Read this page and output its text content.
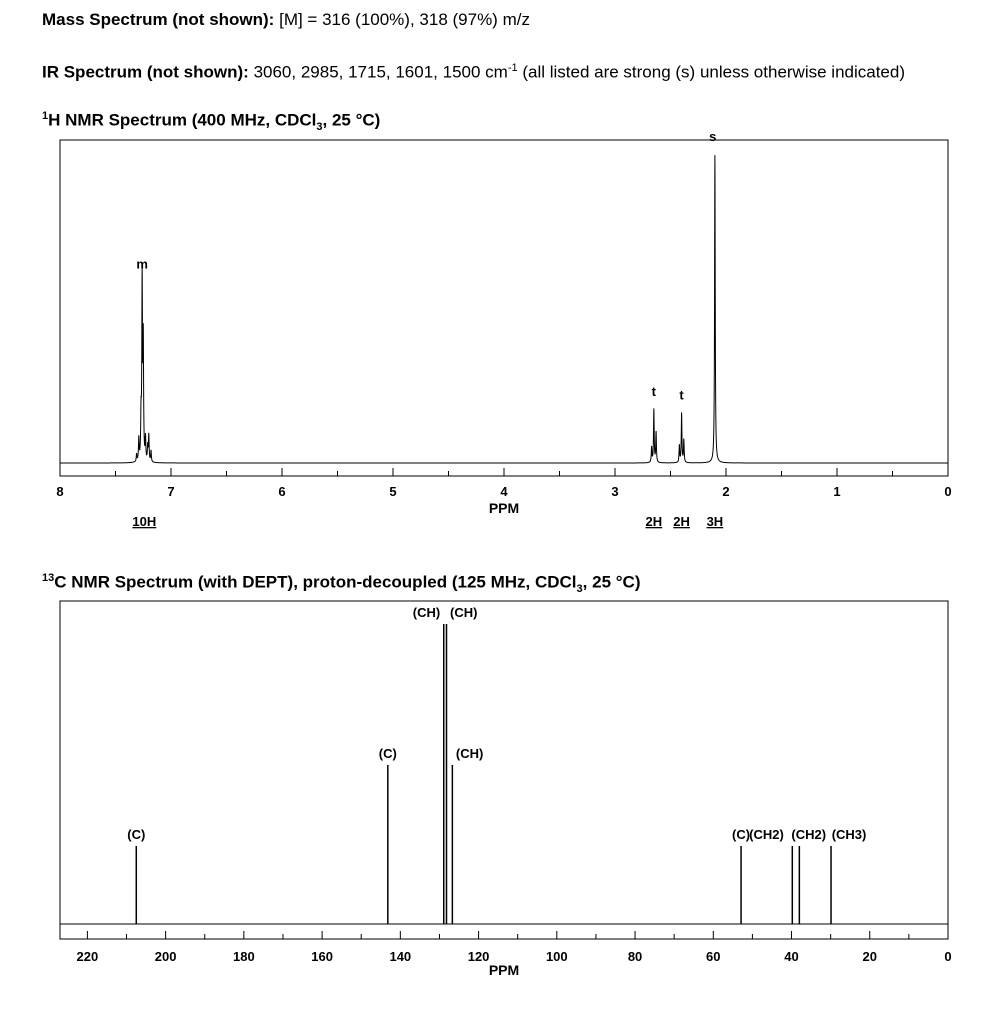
Mass Spectrum (not shown): [M] = 316 (100%), 318 (97%) m/z
IR Spectrum (not shown): 3060, 2985, 1715, 1601, 1500 $cm^{-1}$ (all listed are strong (s) unless otherwise indicated)
$^1$H NMR Spectrum (400 MHz, CDCl$_3$, 25 °C)
$^{13}$C NMR Spectrum (with DEPT), proton-decoupled (125 MHz, CDCl$_3$, 25 °C)
8	7	6	5	4	3	2	1	0
PPM
m
t t
s
10H	2H 2H 3H
(C)
(C)
(CH) (CH)
(CH)
(C) (CH2) (CH2) (CH3)
220	200	180	160	140	120	100	80	60	40	20	0
PPM
